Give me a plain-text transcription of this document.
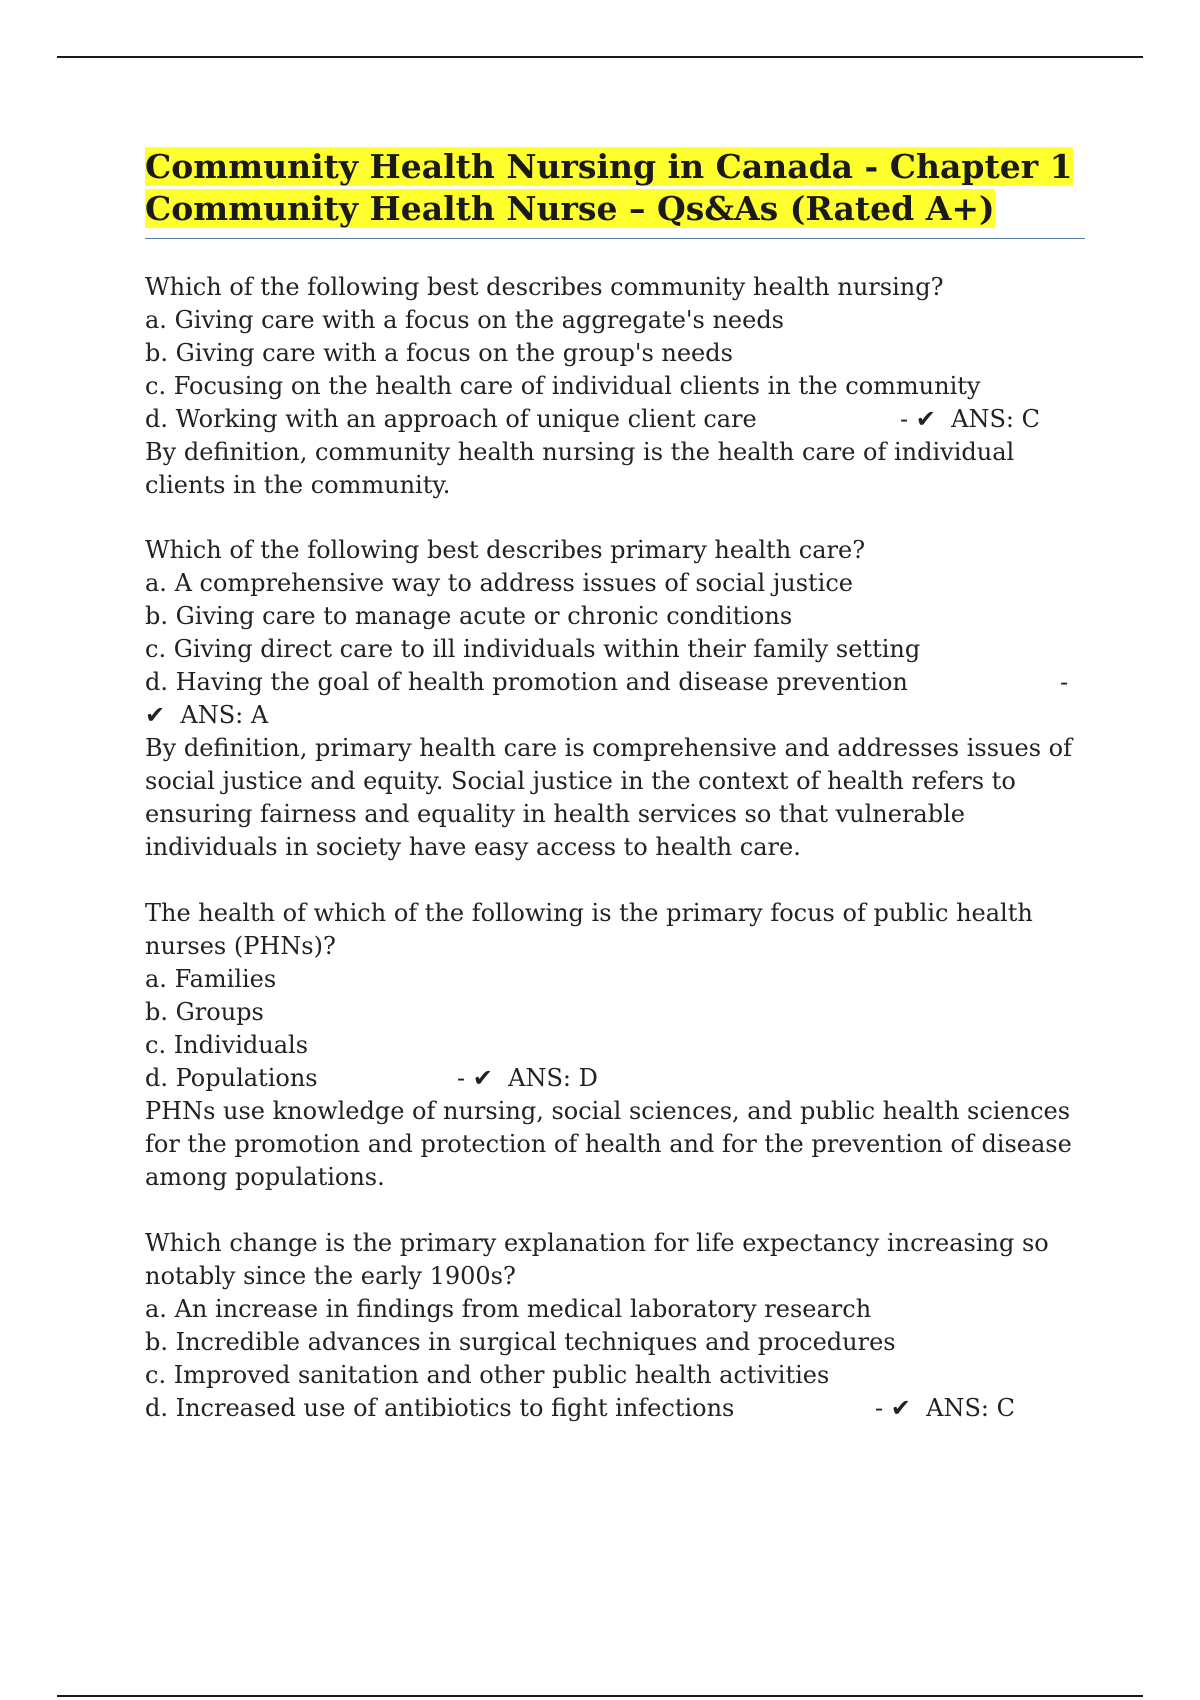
Community Health Nursing in Canada - Chapter 1
Community Health Nurse – Qs&As (Rated A+)
Which of the following best describes community health nursing?
a. Giving care with a focus on the aggregate's needs
b. Giving care with a focus on the group's needs
c. Focusing on the health care of individual clients in the community
d. Working with an approach of unique client care	- ✔  ANS: C
By definition, community health nursing is the health care of individual clients in the community.
Which of the following best describes primary health care?
a. A comprehensive way to address issues of social justice
b. Giving care to manage acute or chronic conditions
c. Giving direct care to ill individuals within their family setting
d. Having the goal of health promotion and disease prevention	-
✔  ANS: A
By definition, primary health care is comprehensive and addresses issues of social justice and equity. Social justice in the context of health refers to ensuring fairness and equality in health services so that vulnerable individuals in society have easy access to health care.
The health of which of the following is the primary focus of public health nurses (PHNs)?
a. Families
b. Groups
c. Individuals
d. Populations	- ✔  ANS: D
PHNs use knowledge of nursing, social sciences, and public health sciences for the promotion and protection of health and for the prevention of disease among populations.
Which change is the primary explanation for life expectancy increasing so notably since the early 1900s?
a. An increase in findings from medical laboratory research
b. Incredible advances in surgical techniques and procedures
c. Improved sanitation and other public health activities
d. Increased use of antibiotics to fight infections	- ✔  ANS: C
